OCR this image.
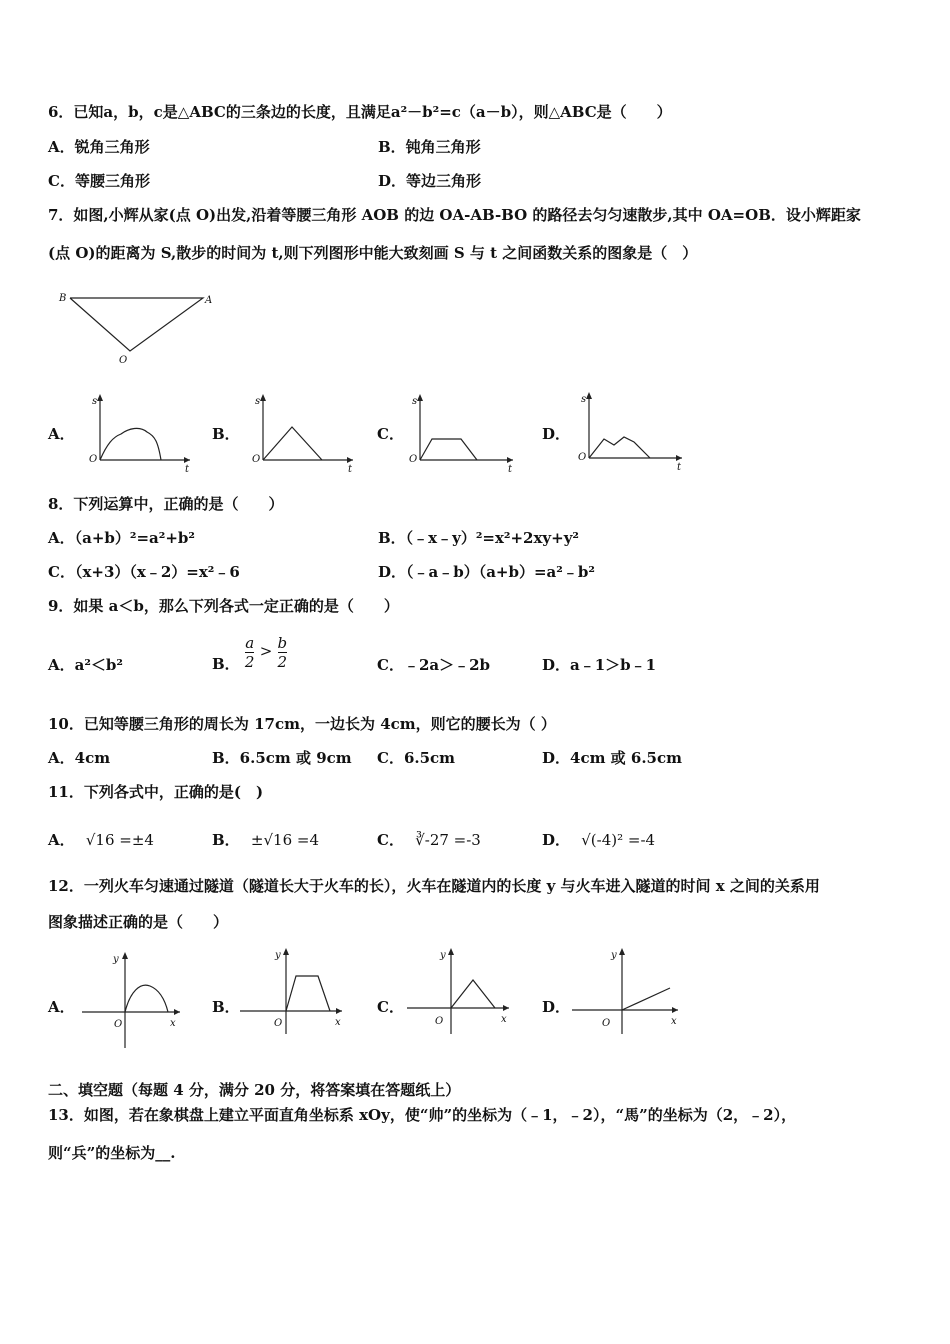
6．已知a，b，c是△ABC的三条边的长度，且满足a²－b²=c（a－b），则△ABC是（　　）
A．锐角三角形	B．钝角三角形
C．等腰三角形	D．等边三角形
7．如图,小辉从家(点 O)出发,沿着等腰三角形 AOB 的边 OA-AB-BO 的路径去匀匀速散步,其中 OA=OB．设小辉距家
(点 O)的距离为 S,散步的时间为 t,则下列图形中能大致刻画 S 与 t 之间函数关系的图象是（　）
B	A
O
A．
O
s
t
B．
O
s
t
C．
O
s
t
D．
O
s
t
8．下列运算中，正确的是（　　）
A．（a+b）²=a²+b²	B．（﹣x﹣y）²=x²+2xy+y²
C．（x+3）（x﹣2）=x²﹣6	D．（﹣a﹣b）（a+b）=a²﹣b²
9．如果 a＜b，那么下列各式一定正确的是（　　）
A．a²＜b²	B． $\frac{a}{2} > \frac{b}{2}$	C．﹣2a＞﹣2b	D．a﹣1＞b﹣1
10．已知等腰三角形的周长为 17cm，一边长为 4cm，则它的腰长为（ ）
A．4cm	B．6.5cm 或 9cm C．6.5cm	D．4cm 或 6.5cm
11．下列各式中，正确的是(　)
A． √16 =±4	B． ±√16 =4	C． ∛-27 =-3	D． √(-4)² =-4
12．一列火车匀速通过隧道（隧道长大于火车的长），火车在隧道内的长度 y 与火车进入隧道的时间 x 之间的关系用
图象描述正确的是（　　）
A．
y
O	x
B．
y
O	x
C．
y
O	x
D．
y
O	x
二、填空题（每题 4 分，满分 20 分，将答案填在答题纸上）
13．如图，若在象棋盘上建立平面直角坐标系 xOy，使“帅”的坐标为（﹣1，﹣2），“馬”的坐标为（2，﹣2），
则“兵”的坐标为__.
